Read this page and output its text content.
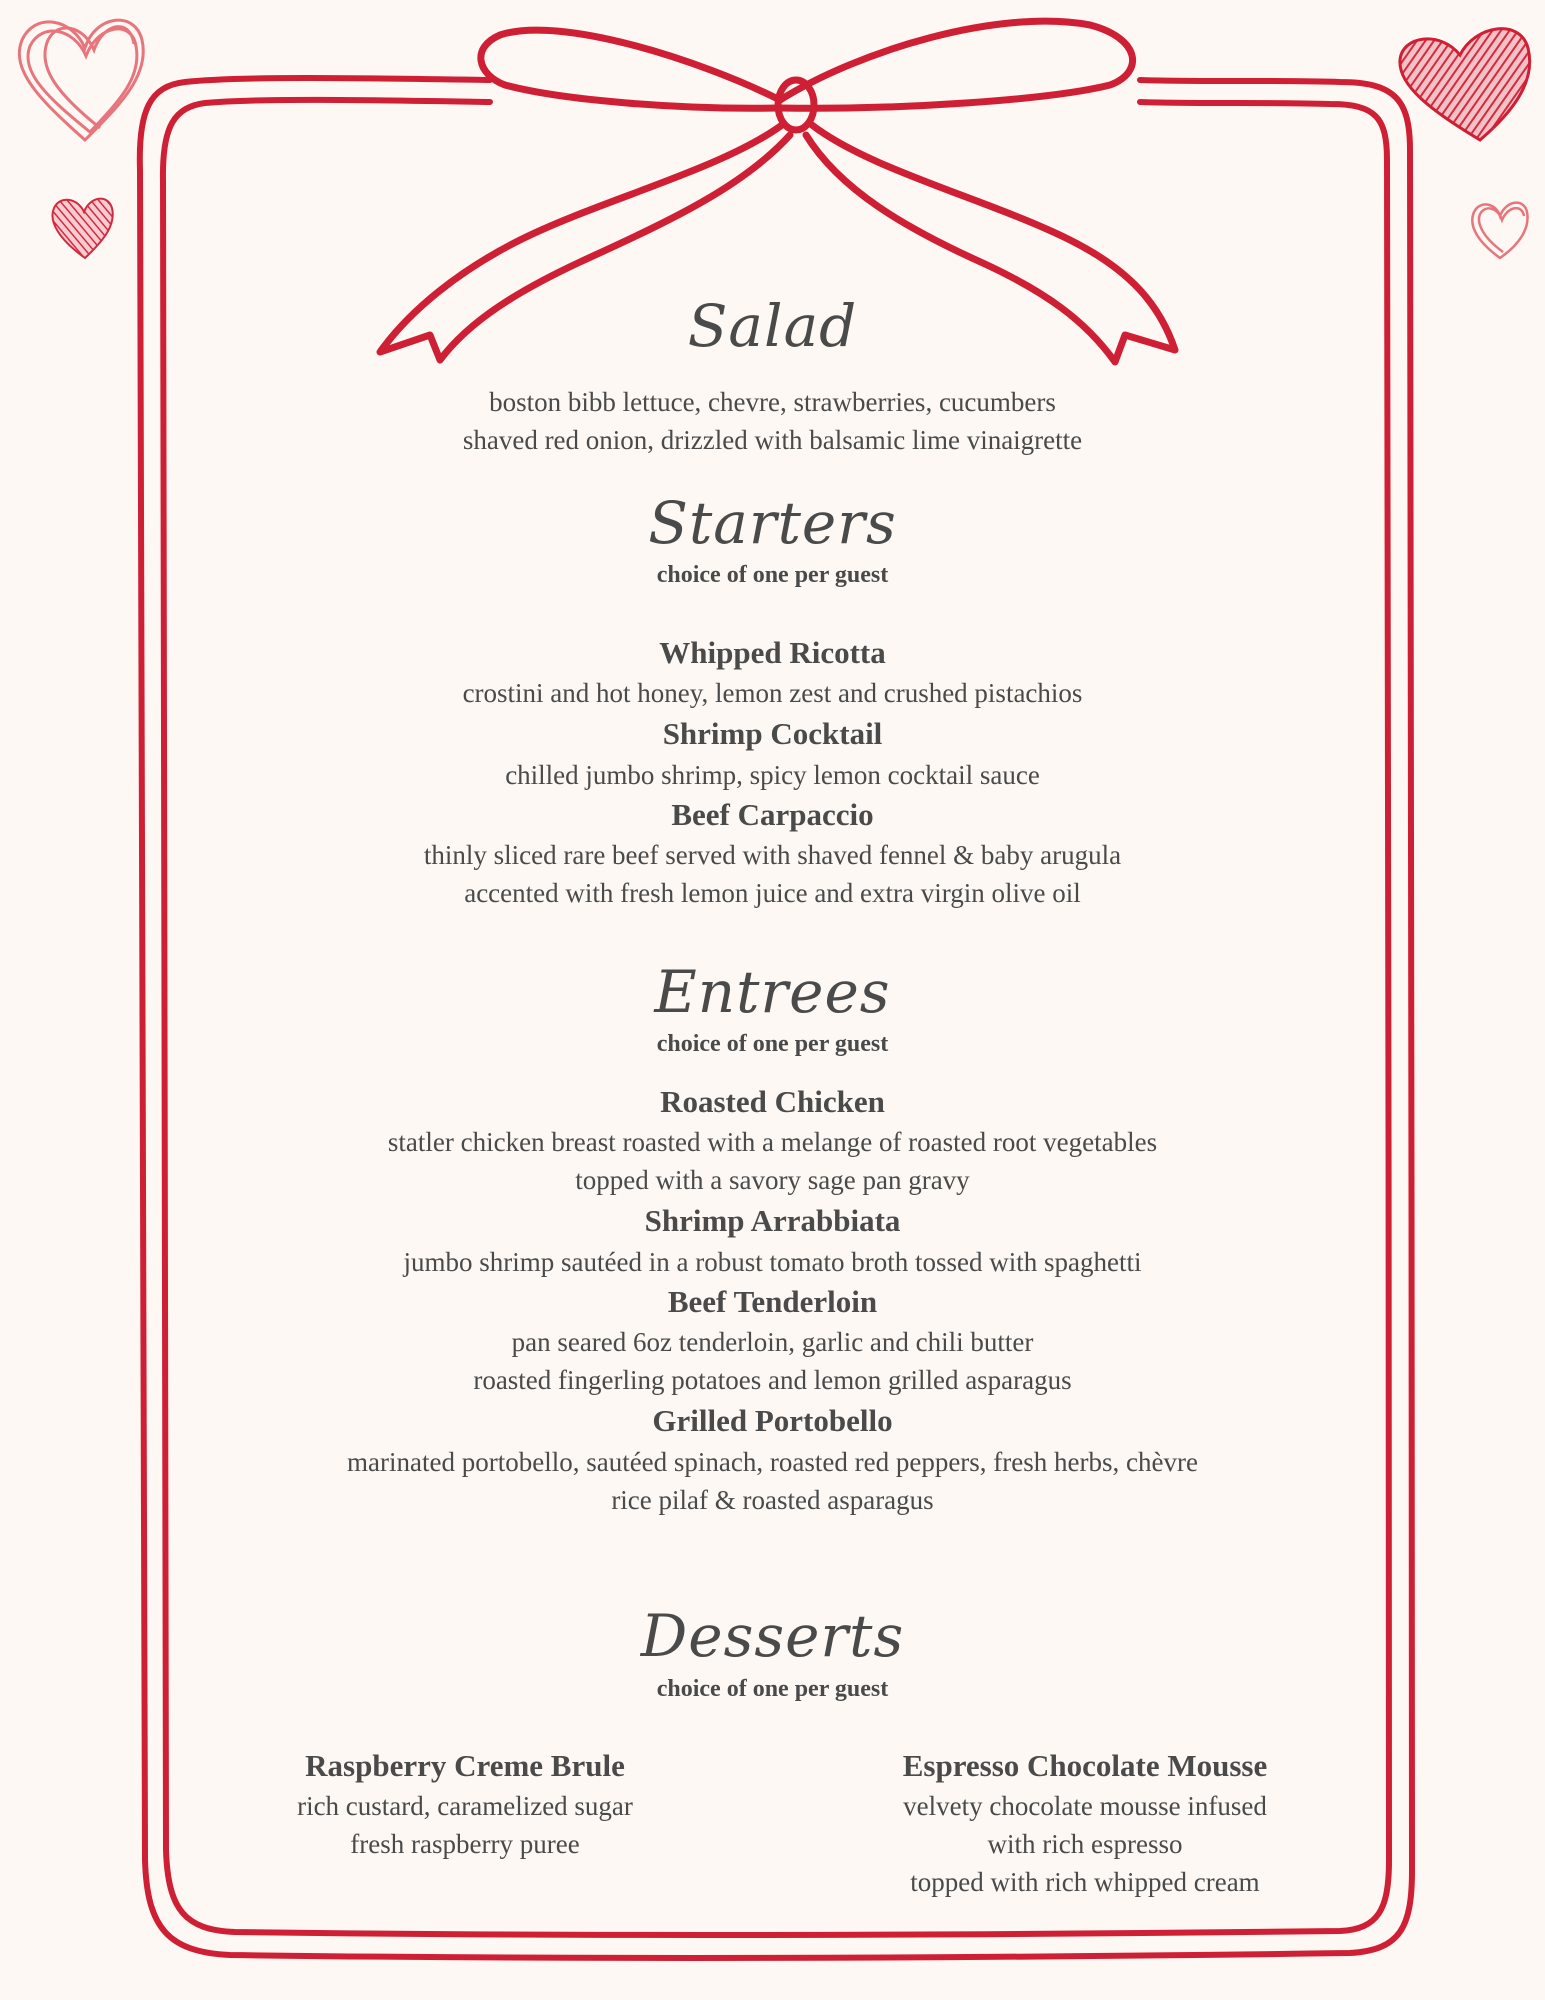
Salad
boston bibb lettuce, chevre, strawberries, cucumbers
shaved red onion, drizzled with balsamic lime vinaigrette
Starters
choice of one per guest
Whipped Ricotta
crostini and hot honey, lemon zest and crushed pistachios
Shrimp Cocktail
chilled jumbo shrimp, spicy lemon cocktail sauce
Beef Carpaccio
thinly sliced rare beef served with shaved fennel & baby arugula
accented with fresh lemon juice and extra virgin olive oil
Entrees
choice of one per guest
Roasted Chicken
statler chicken breast roasted with a melange of roasted root vegetables
topped with a savory sage pan gravy
Shrimp Arrabbiata
jumbo shrimp sautéed in a robust tomato broth tossed with spaghetti
Beef Tenderloin
pan seared 6oz tenderloin, garlic and chili butter
roasted fingerling potatoes and lemon grilled asparagus
Grilled Portobello
marinated portobello, sautéed spinach, roasted red peppers, fresh herbs, chèvre
rice pilaf & roasted asparagus
Desserts
choice of one per guest
Raspberry Creme Brule
rich custard, caramelized sugar
fresh raspberry puree
Espresso Chocolate Mousse
velvety chocolate mousse infused
with rich espresso
topped with rich whipped cream
